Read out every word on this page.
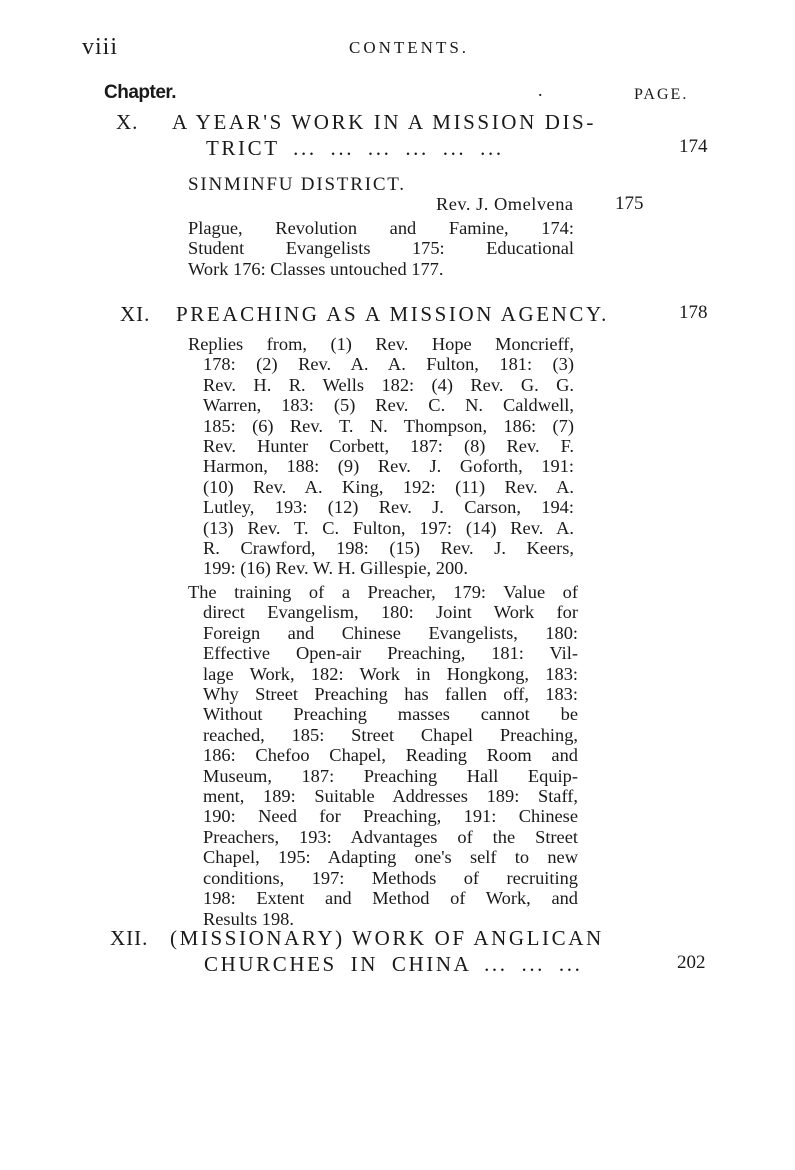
viii	CONTENTS.
Chapter.	.	PAGE.
X. A YEAR'S WORK IN A MISSION DIS-
TRICT ... ... ... ... ... ...	174
SINMINFU DISTRICT.
Rev. J. Omelvena 175
Plague, Revolution and Famine, 174:
Student Evangelists 175: Educational
Work 176: Classes untouched 177.
XI. PREACHING AS A MISSION AGENCY.	178
Replies from, (1) Rev. Hope Moncrieff,
178: (2) Rev. A. A. Fulton, 181: (3)
Rev. H. R. Wells 182: (4) Rev. G. G.
Warren, 183: (5) Rev. C. N. Caldwell,
185: (6) Rev. T. N. Thompson, 186: (7)
Rev. Hunter Corbett, 187: (8) Rev. F.
Harmon, 188: (9) Rev. J. Goforth, 191:
(10) Rev. A. King, 192: (11) Rev. A.
Lutley, 193: (12) Rev. J. Carson, 194:
(13) Rev. T. C. Fulton, 197: (14) Rev. A.
R. Crawford, 198: (15) Rev. J. Keers,
199: (16) Rev. W. H. Gillespie, 200.
The training of a Preacher, 179: Value of
direct Evangelism, 180: Joint Work for
Foreign and Chinese Evangelists, 180:
Effective Open-air Preaching, 181: Vil-
lage Work, 182: Work in Hongkong, 183:
Why Street Preaching has fallen off, 183:
Without Preaching masses cannot be
reached, 185: Street Chapel Preaching,
186: Chefoo Chapel, Reading Room and
Museum, 187: Preaching Hall Equip-
ment, 189: Suitable Addresses 189: Staff,
190: Need for Preaching, 191: Chinese
Preachers, 193: Advantages of the Street
Chapel, 195: Adapting one's self to new
conditions, 197: Methods of recruiting
198: Extent and Method of Work, and
Results 198.
XII. (MISSIONARY) WORK OF ANGLICAN
CHURCHES IN CHINA ... ... ...	202
